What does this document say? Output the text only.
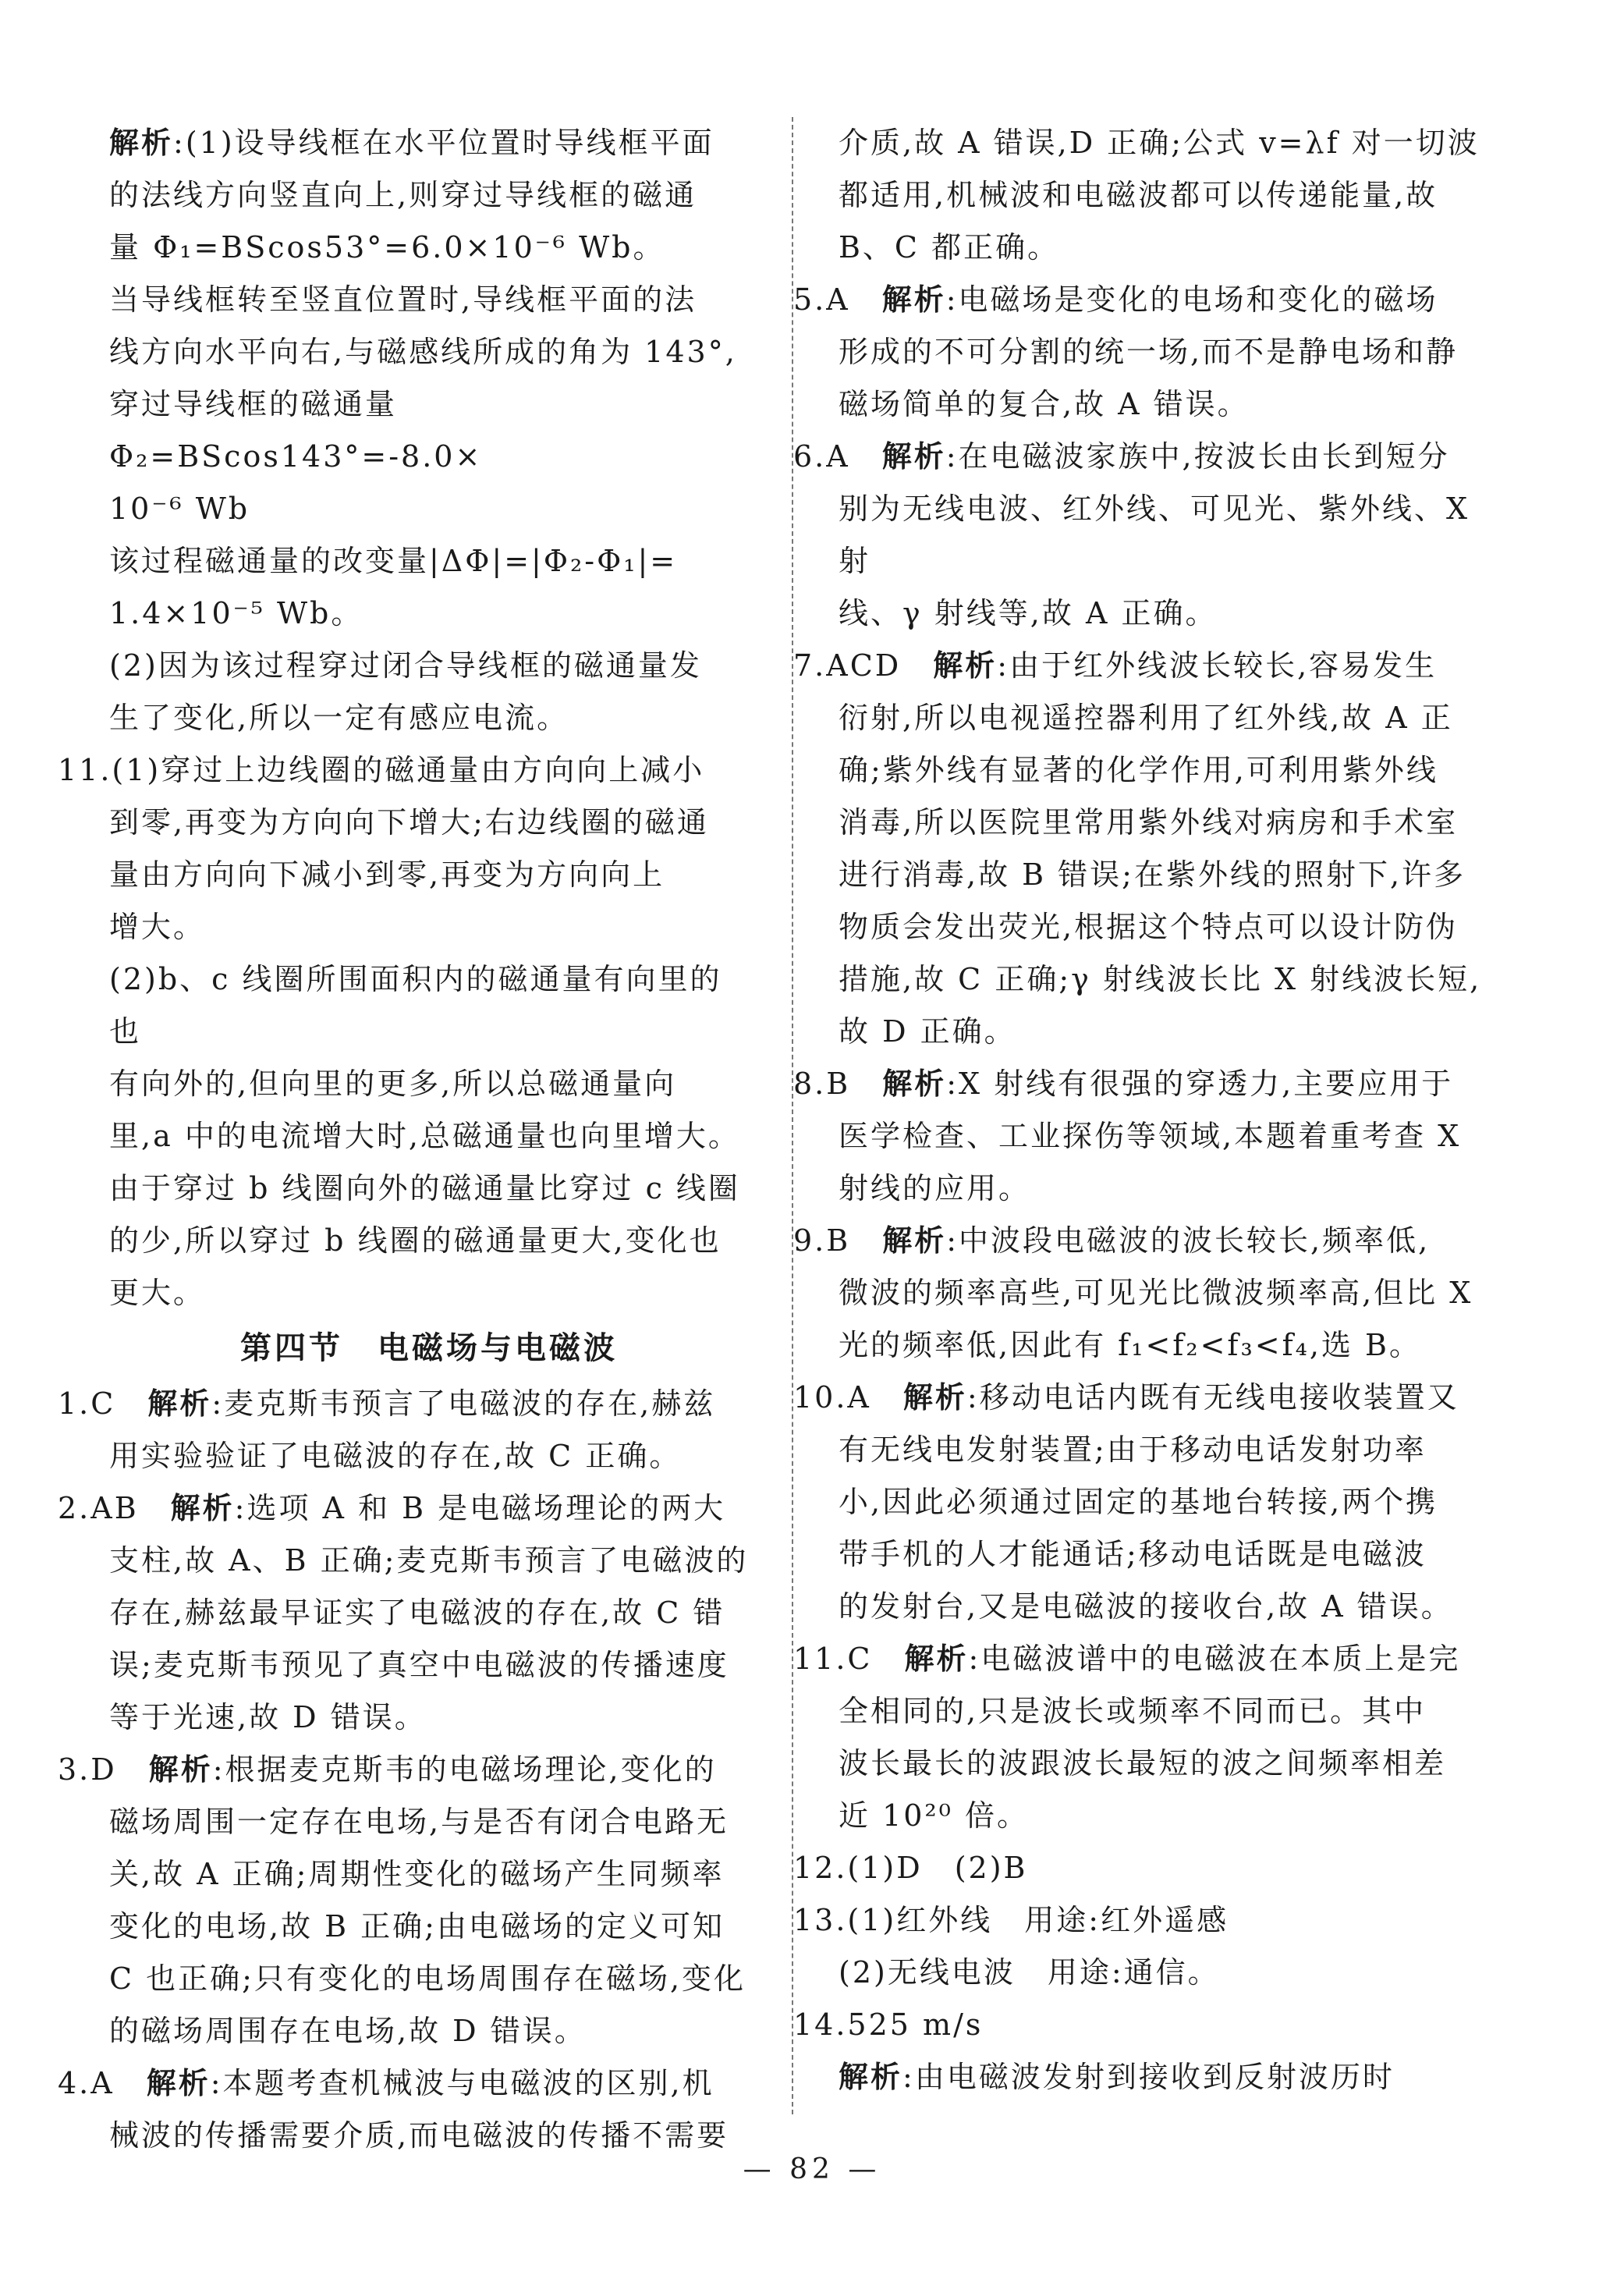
解析:(1)设导线框在水平位置时导线框平面
的法线方向竖直向上,则穿过导线框的磁通
量 Φ₁=BScos53°=6.0×10⁻⁶ Wb。
当导线框转至竖直位置时,导线框平面的法
线方向水平向右,与磁感线所成的角为 143°,
穿过导线框的磁通量 Φ₂=BScos143°=-8.0×
10⁻⁶ Wb
该过程磁通量的改变量|ΔΦ|=|Φ₂-Φ₁|=
1.4×10⁻⁵ Wb。
(2)因为该过程穿过闭合导线框的磁通量发
生了变化,所以一定有感应电流。
11.(1)穿过上边线圈的磁通量由方向向上减小
到零,再变为方向向下增大;右边线圈的磁通
量由方向向下减小到零,再变为方向向上
增大。
(2)b、c 线圈所围面积内的磁通量有向里的也
有向外的,但向里的更多,所以总磁通量向
里,a 中的电流增大时,总磁通量也向里增大。
由于穿过 b 线圈向外的磁通量比穿过 c 线圈
的少,所以穿过 b 线圈的磁通量更大,变化也
更大。
第四节　电磁场与电磁波
1.C　解析:麦克斯韦预言了电磁波的存在,赫兹
用实验验证了电磁波的存在,故 C 正确。
2.AB　解析:选项 A 和 B 是电磁场理论的两大
支柱,故 A、B 正确;麦克斯韦预言了电磁波的
存在,赫兹最早证实了电磁波的存在,故 C 错
误;麦克斯韦预见了真空中电磁波的传播速度
等于光速,故 D 错误。
3.D　解析:根据麦克斯韦的电磁场理论,变化的
磁场周围一定存在电场,与是否有闭合电路无
关,故 A 正确;周期性变化的磁场产生同频率
变化的电场,故 B 正确;由电磁场的定义可知
C 也正确;只有变化的电场周围存在磁场,变化
的磁场周围存在电场,故 D 错误。
4.A　解析:本题考查机械波与电磁波的区别,机
械波的传播需要介质,而电磁波的传播不需要
介质,故 A 错误,D 正确;公式 v=λf 对一切波
都适用,机械波和电磁波都可以传递能量,故
B、C 都正确。
5.A　解析:电磁场是变化的电场和变化的磁场
形成的不可分割的统一场,而不是静电场和静
磁场简单的复合,故 A 错误。
6.A　解析:在电磁波家族中,按波长由长到短分
别为无线电波、红外线、可见光、紫外线、X 射
线、γ 射线等,故 A 正确。
7.ACD　解析:由于红外线波长较长,容易发生
衍射,所以电视遥控器利用了红外线,故 A 正
确;紫外线有显著的化学作用,可利用紫外线
消毒,所以医院里常用紫外线对病房和手术室
进行消毒,故 B 错误;在紫外线的照射下,许多
物质会发出荧光,根据这个特点可以设计防伪
措施,故 C 正确;γ 射线波长比 X 射线波长短,
故 D 正确。
8.B　解析:X 射线有很强的穿透力,主要应用于
医学检查、工业探伤等领域,本题着重考查 X
射线的应用。
9.B　解析:中波段电磁波的波长较长,频率低,
微波的频率高些,可见光比微波频率高,但比 X
光的频率低,因此有 f₁<f₂<f₃<f₄,选 B。
10.A　解析:移动电话内既有无线电接收装置又
有无线电发射装置;由于移动电话发射功率
小,因此必须通过固定的基地台转接,两个携
带手机的人才能通话;移动电话既是电磁波
的发射台,又是电磁波的接收台,故 A 错误。
11.C　解析:电磁波谱中的电磁波在本质上是完
全相同的,只是波长或频率不同而已。其中
波长最长的波跟波长最短的波之间频率相差
近 10²⁰ 倍。
12.(1)D　(2)B
13.(1)红外线　用途:红外遥感
(2)无线电波　用途:通信。
14.525 m/s
解析:由电磁波发射到接收到反射波历时
— 82 —
